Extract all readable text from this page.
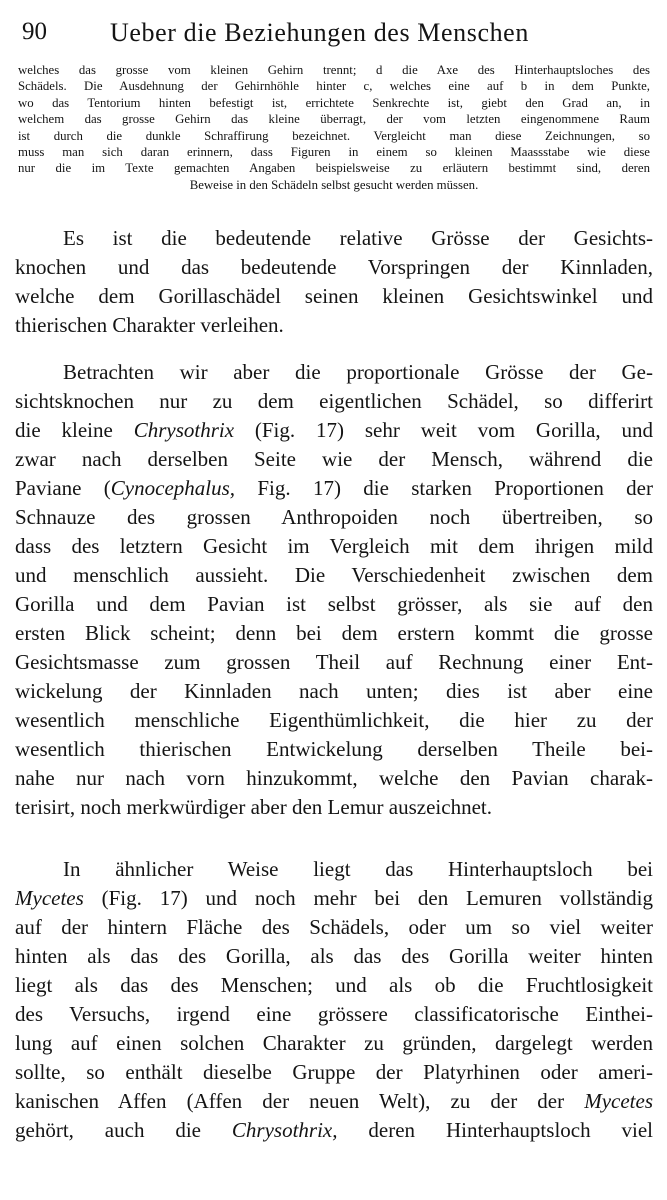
90 Ueber die Beziehungen des Menschen
welches das grosse vom kleinen Gehirn trennt; d die Axe des Hinterhauptsloches des
Schädels. Die Ausdehnung der Gehirnhöhle hinter c, welches eine auf b in dem Punkte,
wo das Tentorium hinten befestigt ist, errichtete Senkrechte ist, giebt den Grad an, in
welchem das grosse Gehirn das kleine überragt, der vom letzten eingenommene Raum
ist durch die dunkle Schraffirung bezeichnet. Vergleicht man diese Zeichnungen, so
muss man sich daran erinnern, dass Figuren in einem so kleinen Maassstabe wie diese
nur die im Texte gemachten Angaben beispielsweise zu erläutern bestimmt sind, deren
Beweise in den Schädeln selbst gesucht werden müssen.
Es ist die bedeutende relative Grösse der Gesichts-
knochen und das bedeutende Vorspringen der Kinnladen,
welche dem Gorillaschädel seinen kleinen Gesichtswinkel und
thierischen Charakter verleihen.
Betrachten wir aber die proportionale Grösse der Ge-
sichtsknochen nur zu dem eigentlichen Schädel, so differirt
die kleine Chrysothrix (Fig. 17) sehr weit vom Gorilla, und
zwar nach derselben Seite wie der Mensch, während die
Paviane (Cynocephalus, Fig. 17) die starken Proportionen der
Schnauze des grossen Anthropoiden noch übertreiben, so
dass des letztern Gesicht im Vergleich mit dem ihrigen mild
und menschlich aussieht. Die Verschiedenheit zwischen dem
Gorilla und dem Pavian ist selbst grösser, als sie auf den
ersten Blick scheint; denn bei dem erstern kommt die grosse
Gesichtsmasse zum grossen Theil auf Rechnung einer Ent-
wickelung der Kinnladen nach unten; dies ist aber eine
wesentlich menschliche Eigenthümlichkeit, die hier zu der
wesentlich thierischen Entwickelung derselben Theile bei-
nahe nur nach vorn hinzukommt, welche den Pavian charak-
terisirt, noch merkwürdiger aber den Lemur auszeichnet.
In ähnlicher Weise liegt das Hinterhauptsloch bei
Mycetes (Fig. 17) und noch mehr bei den Lemuren vollständig
auf der hintern Fläche des Schädels, oder um so viel weiter
hinten als das des Gorilla, als das des Gorilla weiter hinten
liegt als das des Menschen; und als ob die Fruchtlosigkeit
des Versuchs, irgend eine grössere classificatorische Einthei-
lung auf einen solchen Charakter zu gründen, dargelegt werden
sollte, so enthält dieselbe Gruppe der Platyrhinen oder ameri-
kanischen Affen (Affen der neuen Welt), zu der der Mycetes
gehört, auch die Chrysothrix, deren Hinterhauptsloch viel
